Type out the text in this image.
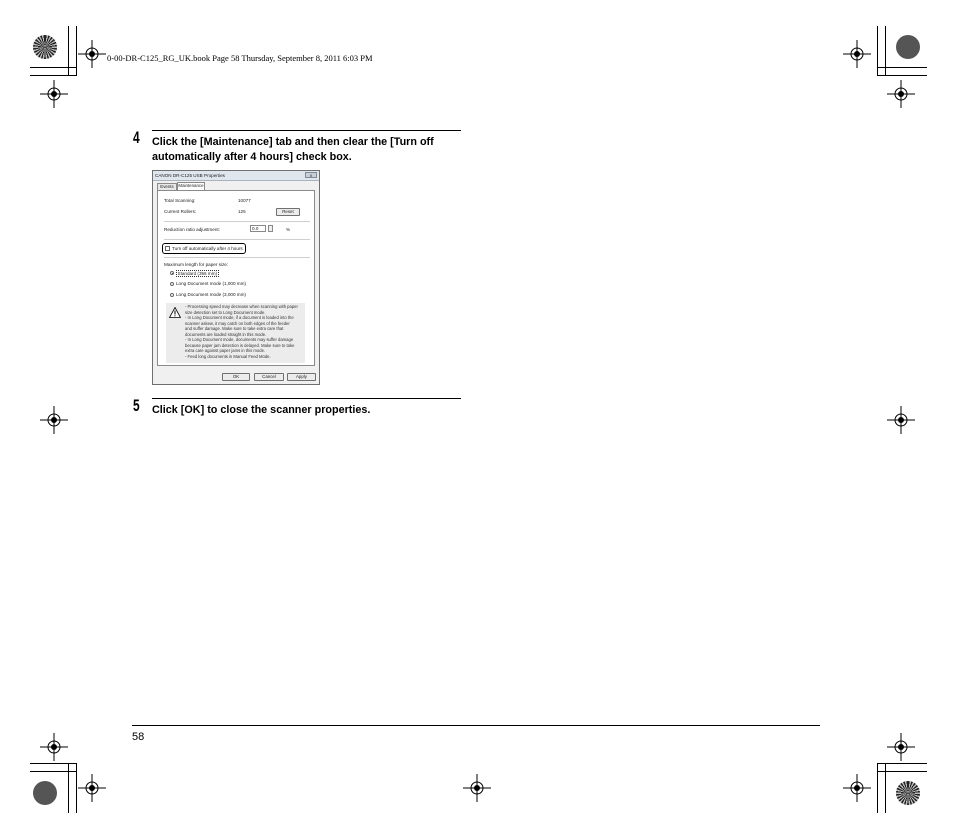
0-00-DR-C125_RG_UK.book Page 58 Thursday, September 8, 2011 6:03 PM
4 Click the [Maintenance] tab and then clear the [Turn off
automatically after 4 hours] check box.
CANON DR-C125 USB Properties	X
Events	Maintenance
Total Scanning:	10077
Current Rollers:	125	Reset
Reduction ratio adjustment:	0.0	%
Turn off automatically after 4 hours
Maximum length for paper size:
Standard (356 mm)
Long Document mode (1,000 mm)
Long Document mode (3,000 mm)
- Processing speed may decrease when scanning with paper
size detection set to Long Document mode.
- In Long Document mode, if a document is loaded into the
scanner askew, it may catch on both edges of the feeder
and suffer damage. Make sure to take extra care that
documents are loaded straight in this mode.
- In Long Document mode, documents may suffer damage
because paper jam detection is delayed. Make sure to take
extra care against paper jams in this mode.
- Feed long documents in Manual Feed Mode.
OK	Cancel	Apply
5 Click [OK] to close the scanner properties.
58
